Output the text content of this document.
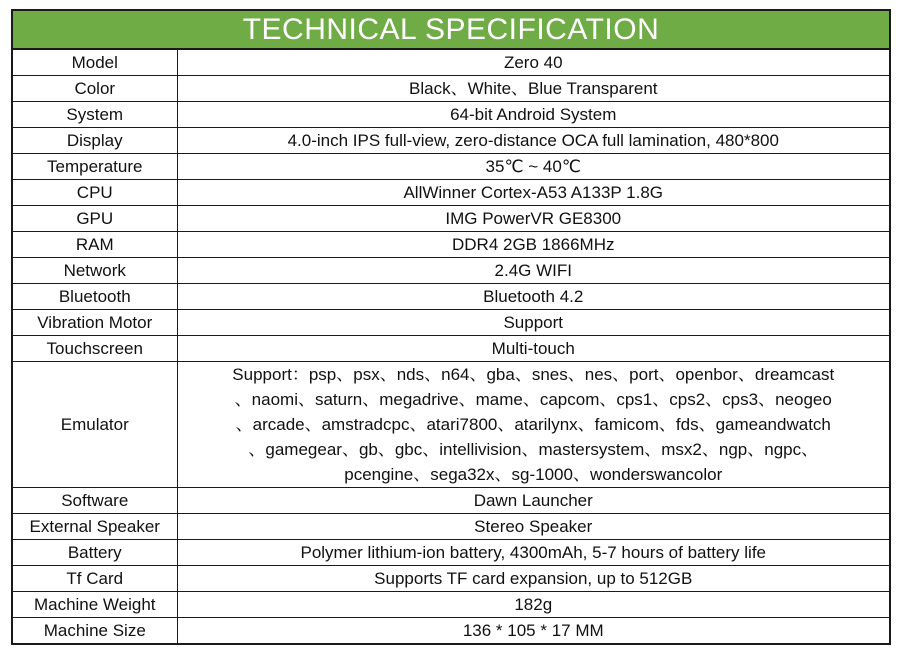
TECHNICAL SPECIFICATION
Model	Zero 40
Color	Black、White、Blue Transparent
System	64-bit Android System
Display	4.0-inch IPS full-view, zero-distance OCA full lamination, 480*800
Temperature	35℃ ~ 40℃
CPU	AllWinner Cortex-A53 A133P 1.8G
GPU	IMG PowerVR GE8300
RAM	DDR4 2GB 1866MHz
Network	2.4G WIFI
Bluetooth	Bluetooth 4.2
Vibration Motor	Support
Touchscreen	Multi-touch
Emulator	Support：psp、psx、nds、n64、gba、snes、nes、port、openbor、dreamcast
、naomi、saturn、megadrive、mame、capcom、cps1、cps2、cps3、neogeo
、arcade、amstradcpc、atari7800、atarilynx、famicom、fds、gameandwatch
、gamegear、gb、gbc、intellivision、mastersystem、msx2、ngp、ngpc、
pcengine、sega32x、sg-1000、wonderswancolor

Software	Dawn Launcher
External Speaker	Stereo Speaker
Battery	Polymer lithium-ion battery, 4300mAh, 5-7 hours of battery life
Tf Card	Supports TF card expansion, up to 512GB
Machine Weight	182g
Machine Size	136 * 105 * 17 MM
